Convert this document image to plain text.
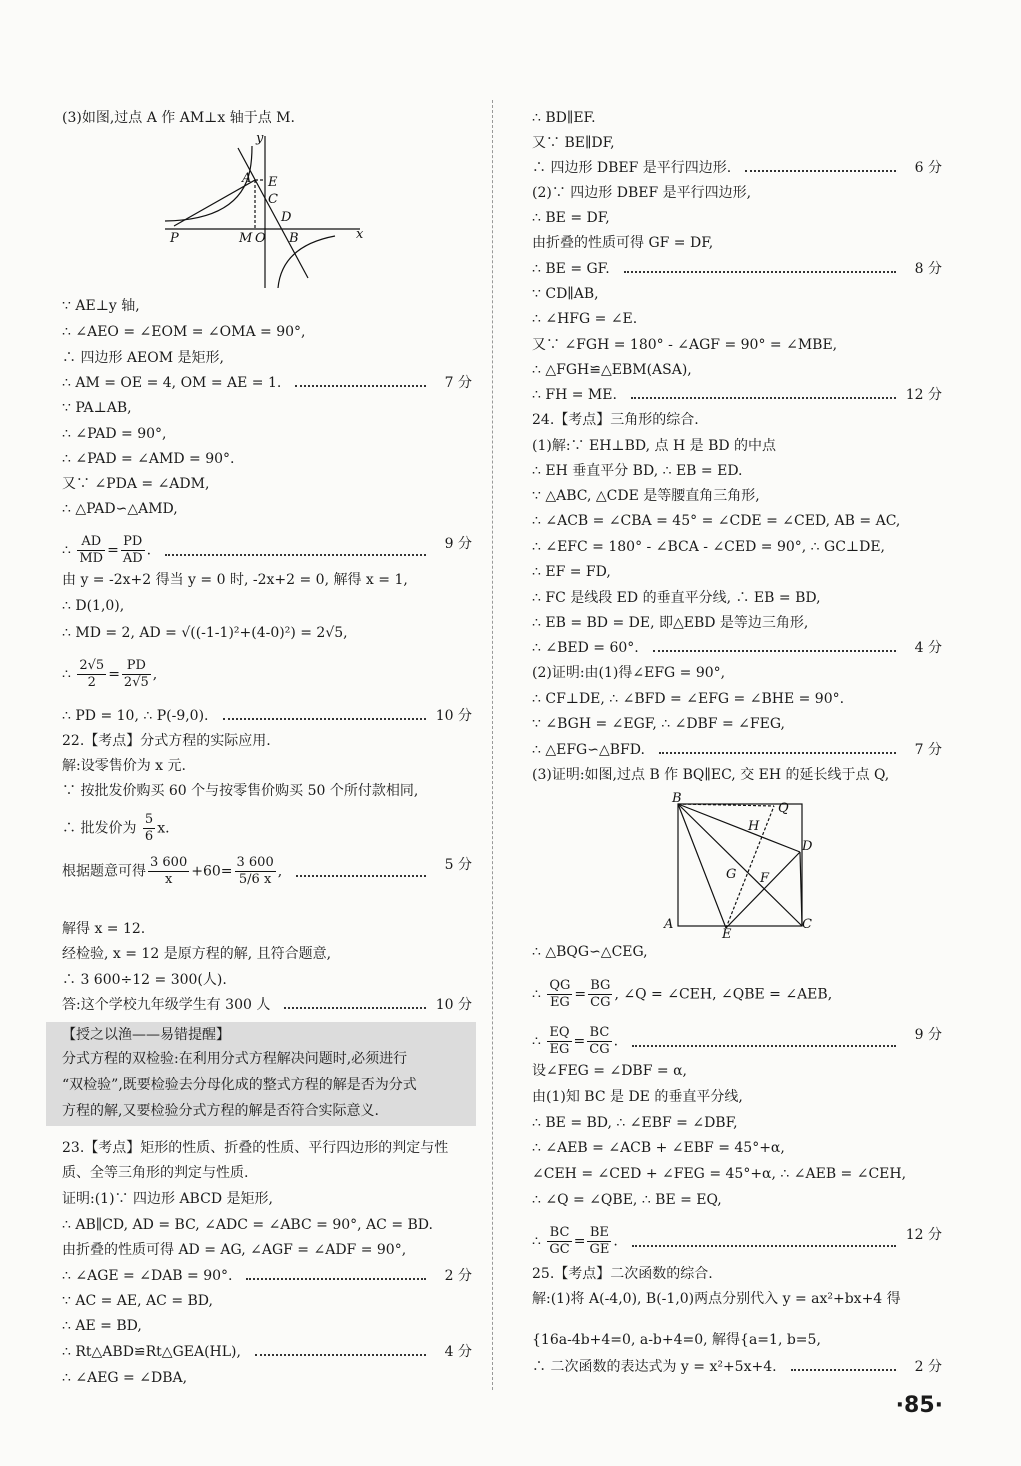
(3)如图,过点 A 作 AM⊥x 轴于点 M.
∵ AE⊥y 轴,
∴ ∠AEO = ∠EOM = ∠OMA = 90°,
∴ 四边形 AEOM 是矩形,
∴ AM = OE = 4, OM = AE = 1.	7 分
∵ PA⊥AB,
∴ ∠PAD = 90°,
∴ ∠PAD = ∠AMD = 90°.
又∵ ∠PDA = ∠ADM,
∴ △PAD∽△AMD,
∴ $\frac{AD}{MD} = \frac{PD}{AD}$ .	9 分
由 y = -2x+2 得当 y = 0 时, -2x+2 = 0, 解得 x = 1,
∴ D(1,0),
∴ MD = 2, AD = √((-1-1)²+(4-0)²) = 2√5,
∴ $\frac{2√5}{2} = \frac{PD}{2√5}$ ,
∴ PD = 10, ∴ P(-9,0).	10 分
22.【考点】分式方程的实际应用.
解:设零售价为 x 元.
∵ 按批发价购买 60 个与按零售价购买 50 个所付款相同,
∴ 批发价为 $\frac{5}{6} x$.
根据题意可得 $\frac{3 600}{x} +60= \frac{3 600}{5/6 x}$ ,	5 分
解得 x = 12.
经检验, x = 12 是原方程的解, 且符合题意,
∴ 3 600÷12 = 300(人).
答:这个学校九年级学生有 300 人	10 分
【授之以渔——易错提醒】
分式方程的双检验:在利用分式方程解决问题时,必须进行
“双检验”,既要检验去分母化成的整式方程的解是否为分式
方程的解,又要检验分式方程的解是否符合实际意义.
23.【考点】矩形的性质、折叠的性质、平行四边形的判定与性
质、全等三角形的判定与性质.
证明:(1)∵ 四边形 ABCD 是矩形,
∴ AB∥CD, AD = BC, ∠ADC = ∠ABC = 90°, AC = BD.
由折叠的性质可得 AD = AG, ∠AGF = ∠ADF = 90°,
∴ ∠AGE = ∠DAB = 90°.	2 分
∵ AC = AE, AC = BD,
∴ AE = BD,
∴ Rt△ABD≌Rt△GEA(HL),	4 分
∴ ∠AEG = ∠DBA,
∴ BD∥EF.
又∵ BE∥DF,
∴ 四边形 DBEF 是平行四边形.	6 分
(2)∵ 四边形 DBEF 是平行四边形,
∴ BE = DF,
由折叠的性质可得 GF = DF,
∴ BE = GF.	8 分
∵ CD∥AB,
∴ ∠HFG = ∠E.
又∵ ∠FGH = 180° - ∠AGF = 90° = ∠MBE,
∴ △FGH≌△EBM(ASA),
∴ FH = ME.	12 分
24.【考点】三角形的综合.
(1)解:∵ EH⊥BD, 点 H 是 BD 的中点
∴ EH 垂直平分 BD, ∴ EB = ED.
∵ △ABC, △CDE 是等腰直角三角形,
∴ ∠ACB = ∠CBA = 45° = ∠CDE = ∠CED, AB = AC,
∴ ∠EFC = 180° - ∠BCA - ∠CED = 90°, ∴ GC⊥DE,
∴ EF = FD,
∴ FC 是线段 ED 的垂直平分线, ∴ EB = BD,
∴ EB = BD = DE, 即△EBD 是等边三角形,
∴ ∠BED = 60°.	4 分
(2)证明:由(1)得∠EFG = 90°,
∴ CF⊥DE, ∴ ∠BFD = ∠EFG = ∠BHE = 90°.
∵ ∠BGH = ∠EGF, ∴ ∠DBF = ∠FEG,
∴ △EFG∽△BFD.	7 分
(3)证明:如图,过点 B 作 BQ∥EC, 交 EH 的延长线于点 Q,
∴ △BQG∽△CEG,
∴ $\frac{QG}{EG} = \frac{BG}{CG}$ , ∠Q = ∠CEH, ∠QBE = ∠AEB,
∴ $\frac{EQ}{EG} = \frac{BC}{CG}$ .	9 分
设∠FEG = ∠DBF = α,
由(1)知 BC 是 DE 的垂直平分线,
∴ BE = BD, ∴ ∠EBF = ∠DBF,
∴ ∠AEB = ∠ACB + ∠EBF = 45°+α,
∠CEH = ∠CED + ∠FEG = 45°+α, ∴ ∠AEB = ∠CEH,
∴ ∠Q = ∠QBE, ∴ BE = EQ,
∴ $\frac{BC}{GC} = \frac{BE}{GE}$ .	12 分
25.【考点】二次函数的综合.
解:(1)将 A(-4,0), B(-1,0)两点分别代入 y = ax²+bx+4 得
{16a-4b+4=0, a-b+4=0, 解得{a=1, b=5,
∴ 二次函数的表达式为 y = x²+5x+4.	2 分
y
A E
C
D
P	M O B	x
B
Q
H
D
G F
A
E
C
·85·
